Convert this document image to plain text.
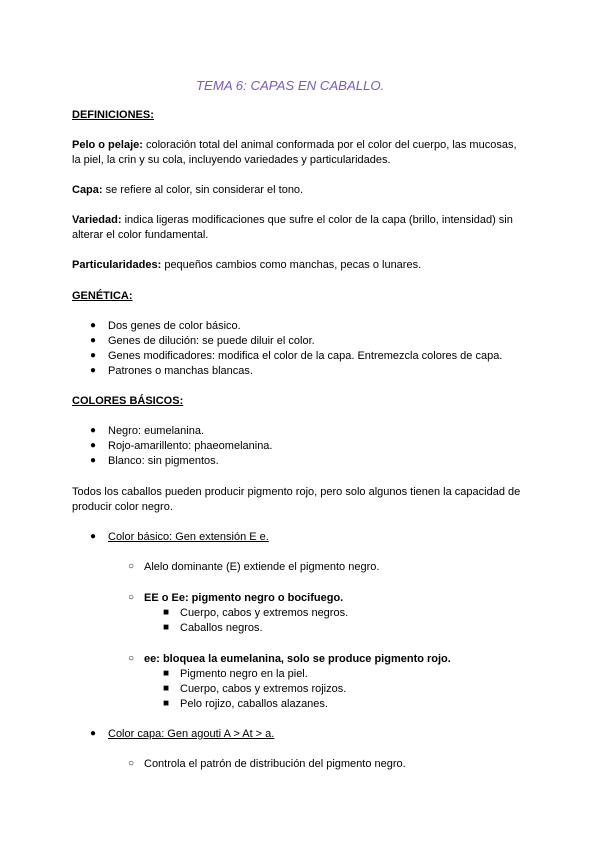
TEMA 6: CAPAS EN CABALLO.
DEFINICIONES:
Pelo o pelaje: coloración total del animal conformada por el color del cuerpo, las mucosas,
la piel, la crin y su cola, incluyendo variedades y particularidades.
Capa: se refiere al color, sin considerar el tono.
Variedad: indica ligeras modificaciones que sufre el color de la capa (brillo, intensidad) sin
alterar el color fundamental.
Particularidades: pequeños cambios como manchas, pecas o lunares.
GENÉTICA:
● Dos genes de color básico.
● Genes de dilución: se puede diluir el color.
● Genes modificadores: modifica el color de la capa. Entremezcla colores de capa.
● Patrones o manchas blancas.
COLORES BÁSICOS:
● Negro: eumelanina.
● Rojo-amarillento: phaeomelanina.
● Blanco: sin pigmentos.
Todos los caballos pueden producir pigmento rojo, pero solo algunos tienen la capacidad de
producir color negro.
● Color básico: Gen extensión E e.
○ Alelo dominante (E) extiende el pigmento negro.
○ EE o Ee: pigmento negro o bocifuego.
■ Cuerpo, cabos y extremos negros.
■ Caballos negros.
○ ee: bloquea la eumelanina, solo se produce pigmento rojo.
■ Pigmento negro en la piel.
■ Cuerpo, cabos y extremos rojizos.
■ Pelo rojizo, caballos alazanes.
● Color capa: Gen agouti A > At > a.
○ Controla el patrón de distribución del pigmento negro.
